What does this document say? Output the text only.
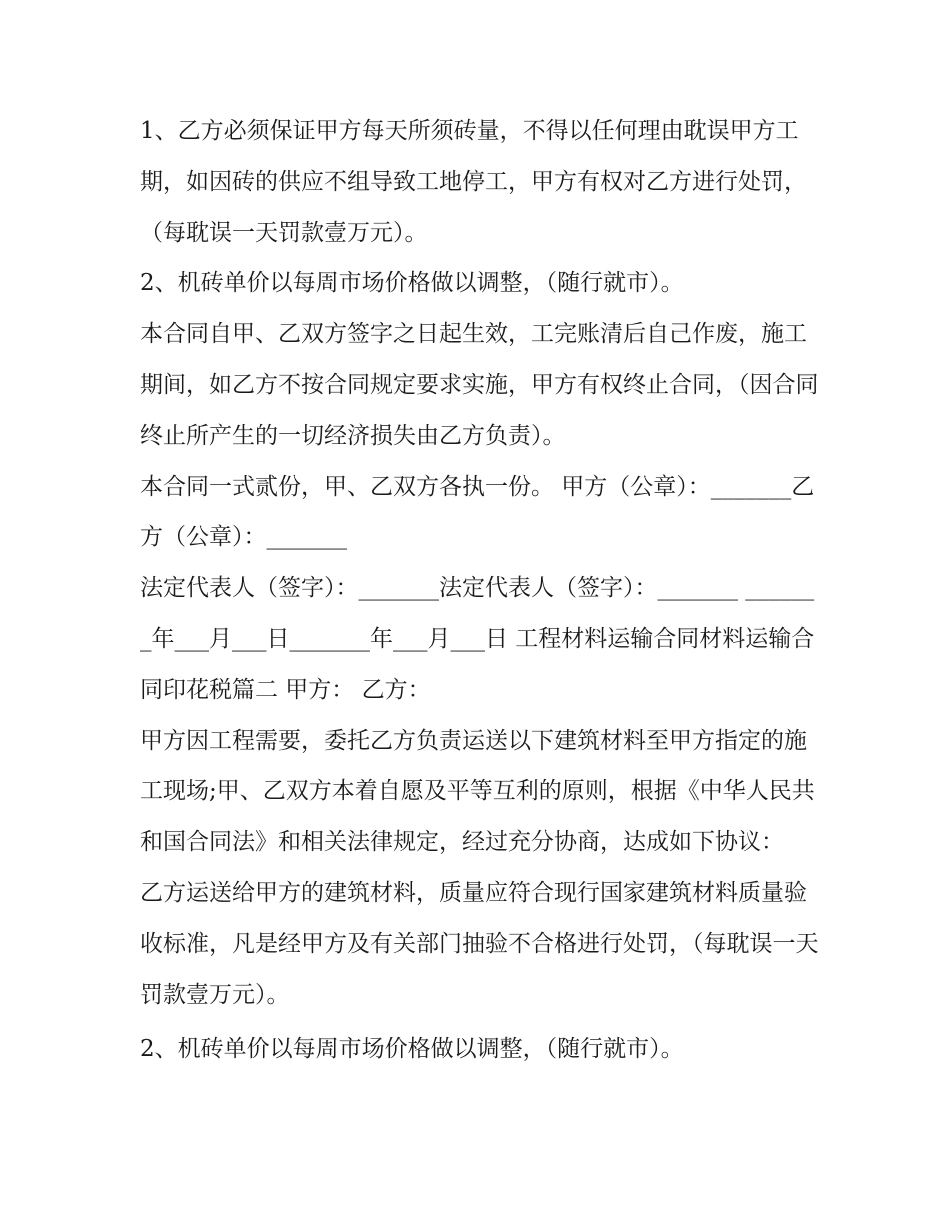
1、乙方必须保证甲方每天所须砖量，不得以任何理由耽误甲方工期，如因砖的供应不组导致工地停工，甲方有权对乙方进行处罚，（每耽误一天罚款壹万元）。

2、机砖单价以每周市场价格做以调整，（随行就市）。

本合同自甲、乙双方签字之日起生效，工完账清后自己作废，施工期间，如乙方不按合同规定要求实施，甲方有权终止合同，（因合同终止所产生的一切经济损失由乙方负责）。

本合同一式贰份，甲、乙双方各执一份。 甲方（公章）：_______乙方（公章）：_______

法定代表人（签字）：_______法定代表人（签字）：_______ _______年___月___日_______年___月___日 工程材料运输合同材料运输合同印花税篇二 甲方： 乙方：

甲方因工程需要，委托乙方负责运送以下建筑材料至甲方指定的施工现场;甲、乙双方本着自愿及平等互利的原则，根据《中华人民共和国合同法》和相关法律规定，经过充分协商，达成如下协议：

乙方运送给甲方的建筑材料，质量应符合现行国家建筑材料质量验收标准，凡是经甲方及有关部门抽验不合格进行处罚，（每耽误一天罚款壹万元）。

2、机砖单价以每周市场价格做以调整，（随行就市）。
